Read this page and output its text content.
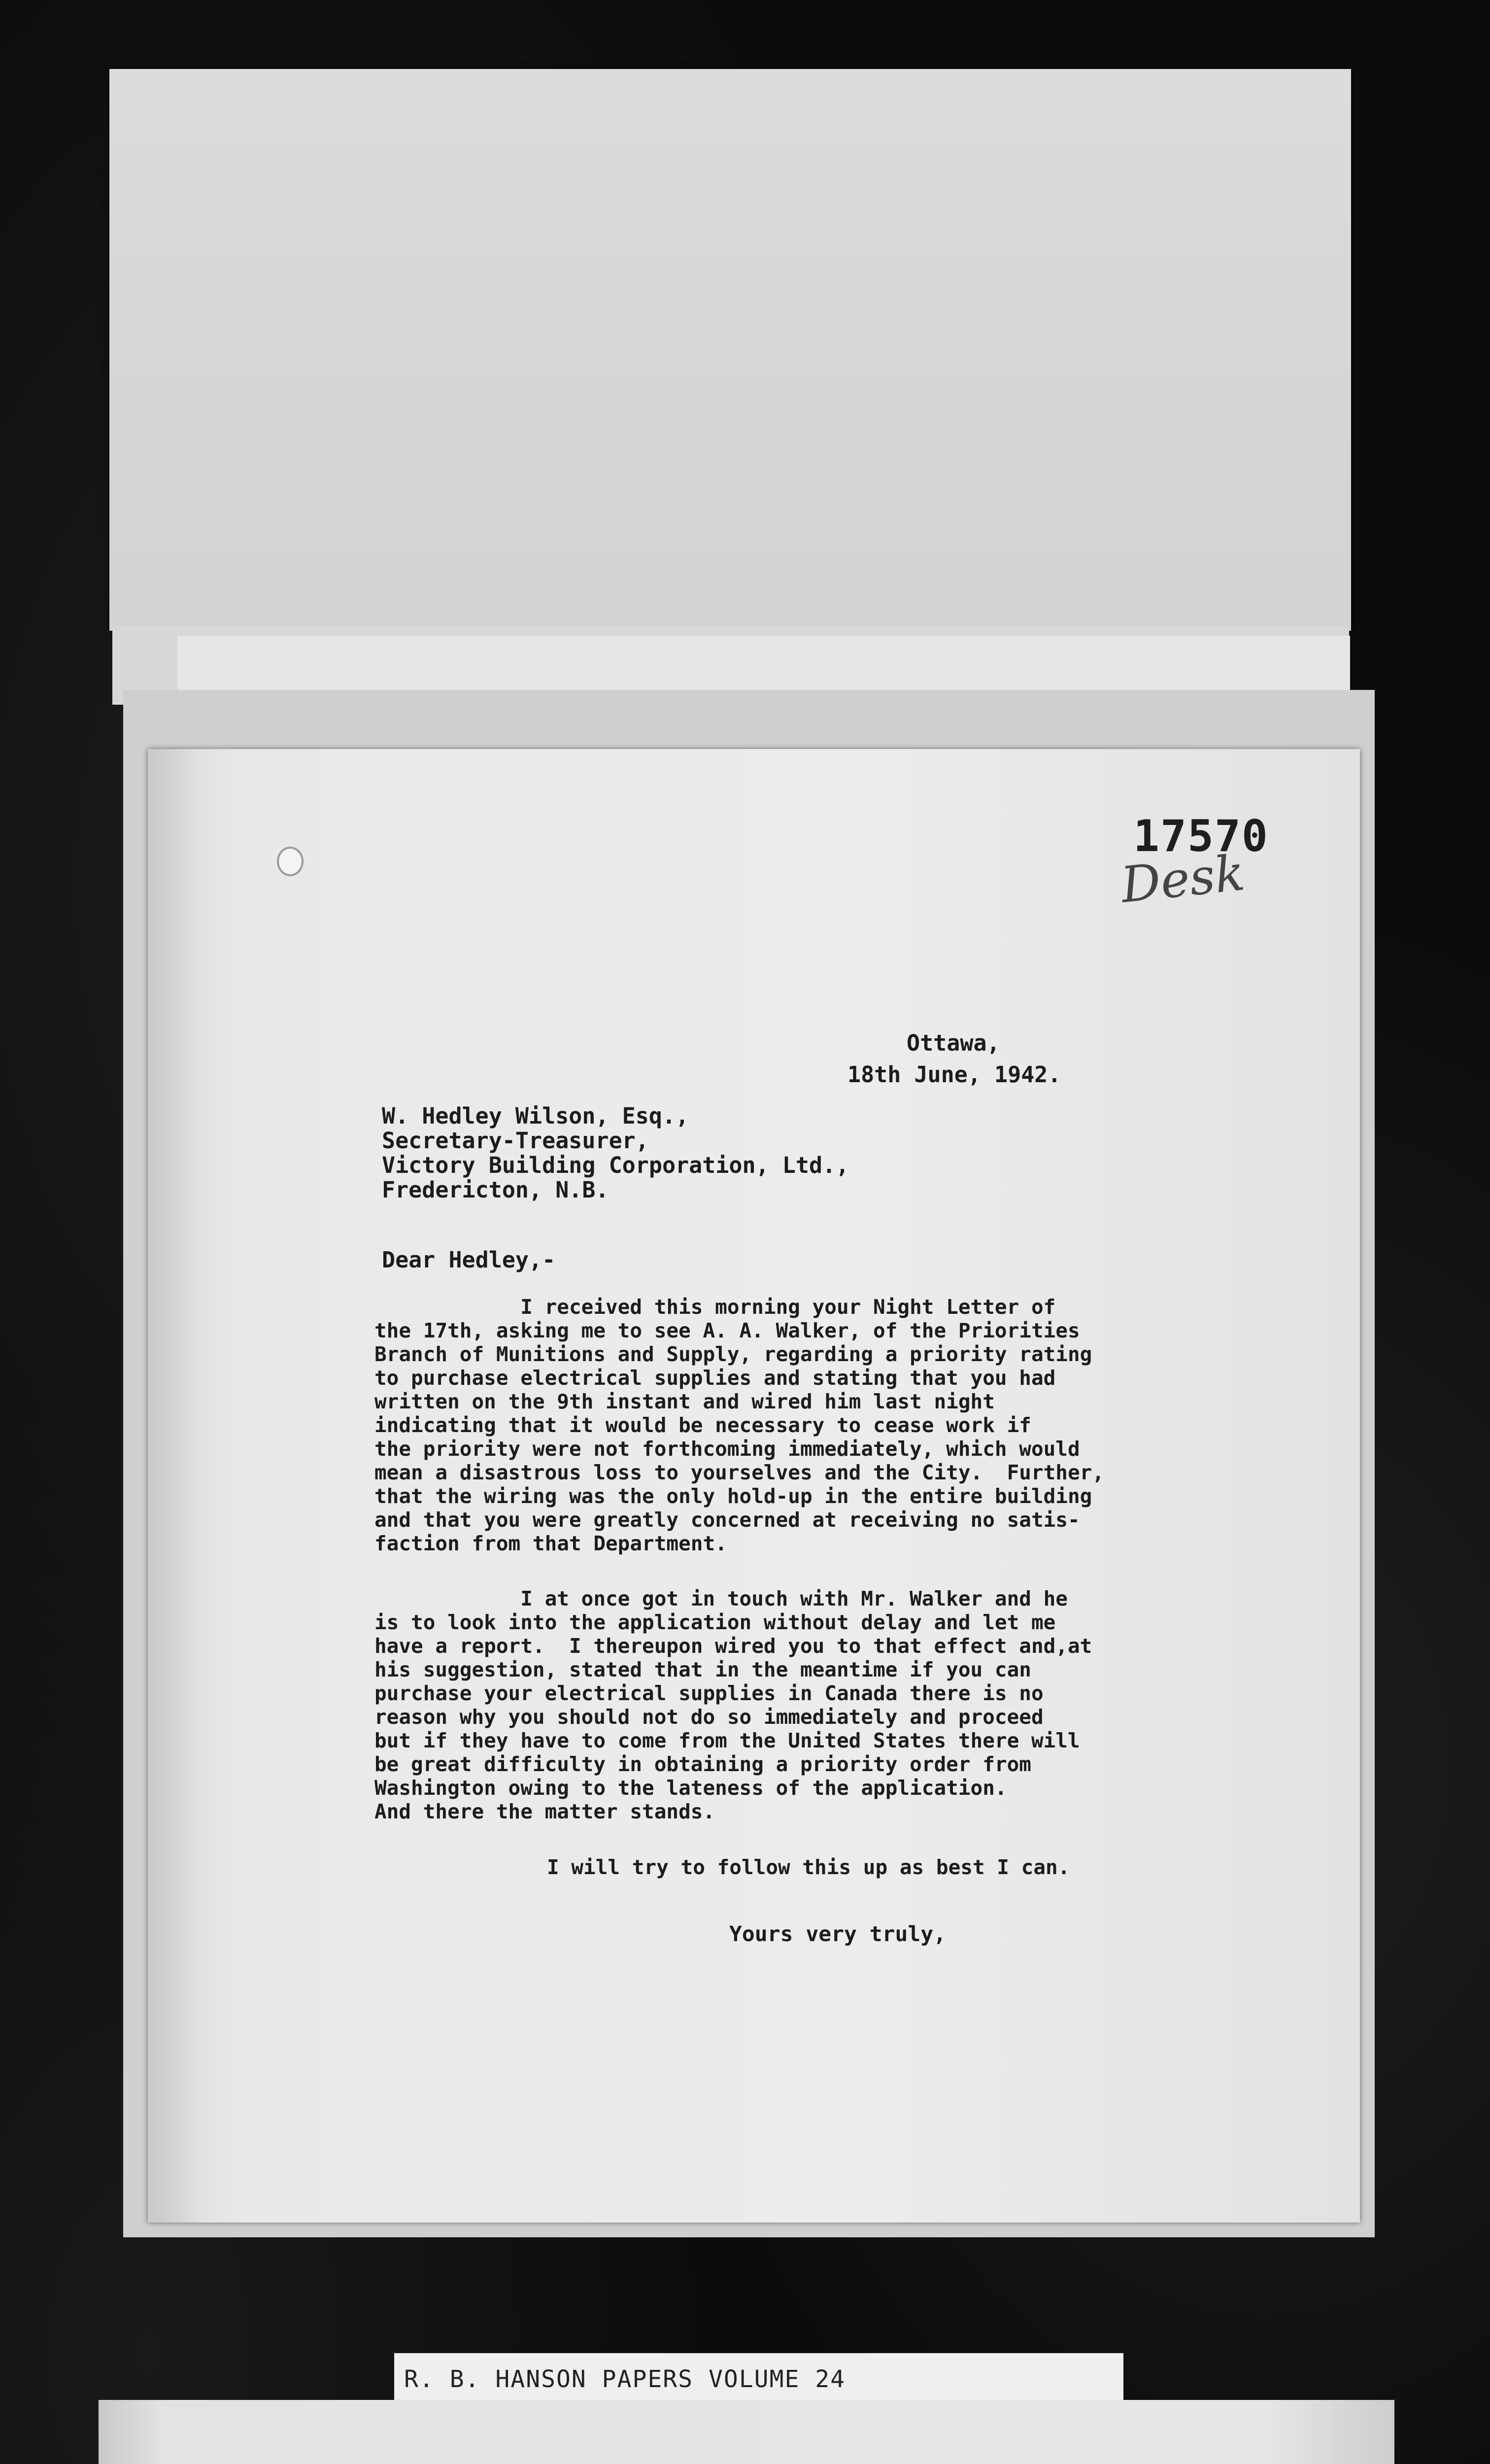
17570
Desk
Ottawa,
18th June, 1942.
W. Hedley Wilson, Esq.,
Secretary-Treasurer,
Victory Building Corporation, Ltd.,
Fredericton, N.B.
Dear Hedley,-
I received this morning your Night Letter of
the 17th, asking me to see A. A. Walker, of the Priorities
Branch of Munitions and Supply, regarding a priority rating
to purchase electrical supplies and stating that you had
written on the 9th instant and wired him last night
indicating that it would be necessary to cease work if
the priority were not forthcoming immediately, which would
mean a disastrous loss to yourselves and the City.  Further,
that the wiring was the only hold-up in the entire building
and that you were greatly concerned at receiving no satis-
faction from that Department.
I at once got in touch with Mr. Walker and he
is to look into the application without delay and let me
have a report.  I thereupon wired you to that effect and,at
his suggestion, stated that in the meantime if you can
purchase your electrical supplies in Canada there is no
reason why you should not do so immediately and proceed
but if they have to come from the United States there will
be great difficulty in obtaining a priority order from
Washington owing to the lateness of the application.
And there the matter stands.
I will try to follow this up as best I can.
Yours very truly,
R. B. HANSON PAPERS VOLUME 24
